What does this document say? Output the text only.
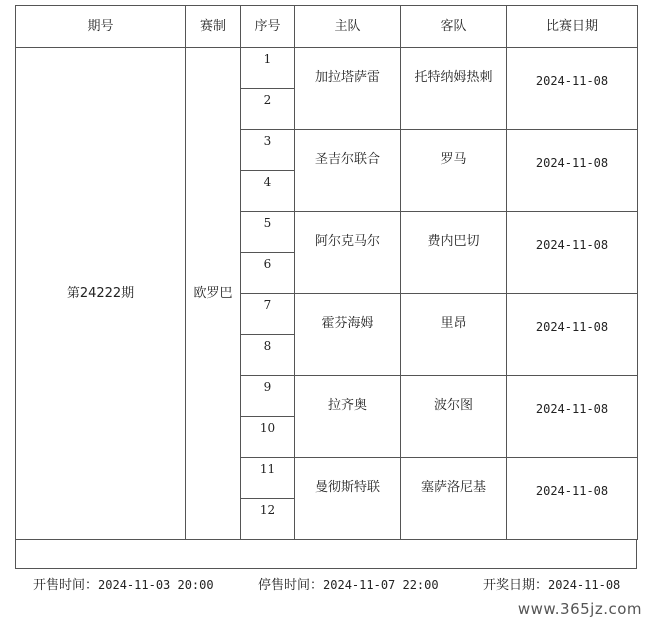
期号	赛制	序号	主队	客队	比赛日期
第24222期	欧罗巴	1	加拉塔萨雷	托特纳姆热刺	2024-11-08
		2			
		3	圣吉尔联合	罗马	2024-11-08
		4			
		5	阿尔克马尔	费内巴切	2024-11-08
		6			
		7	霍芬海姆	里昂	2024-11-08
		8			
		9	拉齐奥	波尔图	2024-11-08
		10			
		11	曼彻斯特联	塞萨洛尼基	2024-11-08
		12			
开售时间：2024-11-03 20:00	停售时间：2024-11-07 22:00	开奖日期：2024-11-08
www.365jz.com
